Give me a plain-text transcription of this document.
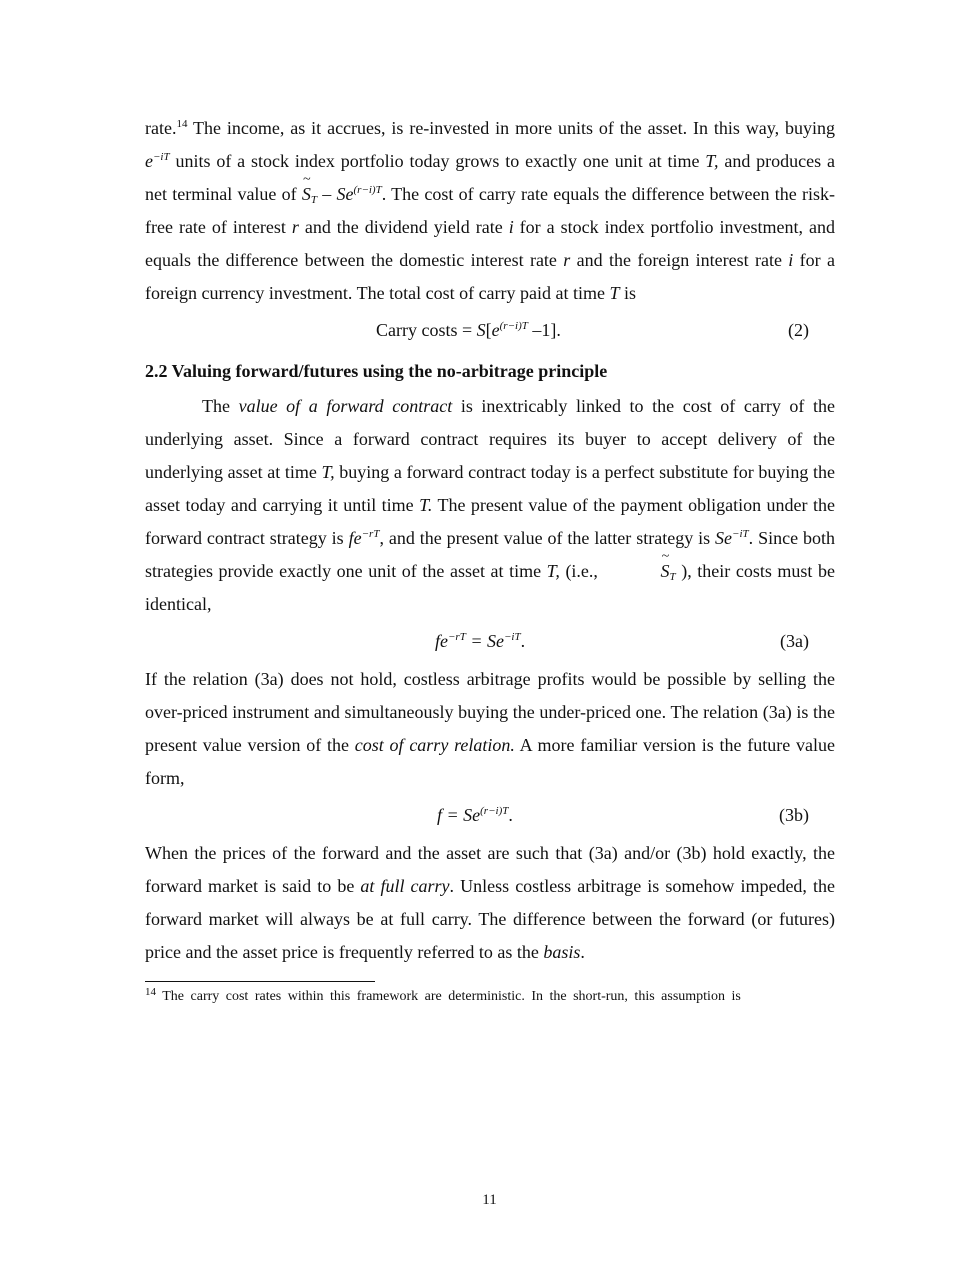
rate.$^{14}$ The income, as it accrues, is re-invested in more units of the asset. In this way, buying $e^{-iT}$ units of a stock index portfolio today grows to exactly one unit at time T, and produces a net terminal value of ~ $S_T - Se^{(r-i)T}$. The cost of carry rate equals the difference between the risk-free rate of interest r and the dividend yield rate i for a stock index portfolio investment, and equals the difference between the domestic interest rate r and the foreign interest rate i for a foreign currency investment. The total cost of carry paid at time T is

Carry costs = $S[e^{(r-i)T}$ –1].	(2)
2.2 Valuing forward/futures using the no-arbitrage principle

The value of a forward contract is inextricably linked to the cost of carry of the underlying asset. Since a forward contract requires its buyer to accept delivery of the underlying asset at time T, buying a forward contract today is a perfect substitute for buying the asset today and carrying it until time T. The present value of the payment obligation under the forward contract strategy is $fe^{-rT}$, and the present value of the latter strategy is $Se^{-iT}$. Since both strategies provide exactly one unit of the asset at time T, (i.e., ~	$S_T$ ), their costs must be identical,

$fe^{-rT} = Se^{-iT}$.	(3a)

If the relation (3a) does not hold, costless arbitrage profits would be possible by selling the over-priced instrument and simultaneously buying the under-priced one. The relation (3a) is the present value version of the cost of carry relation. A more familiar version is the future value form,

$f = Se^{(r-i)T}$.	(3b)

When the prices of the forward and the asset are such that (3a) and/or (3b) hold exactly, the forward market is said to be at full carry. Unless costless arbitrage is somehow impeded, the forward market will always be at full carry. The difference between the forward (or futures) price and the asset price is frequently referred to as the basis.

$^{14}$ The carry cost rates within this framework are deterministic. In the short-run, this assumption is

11
